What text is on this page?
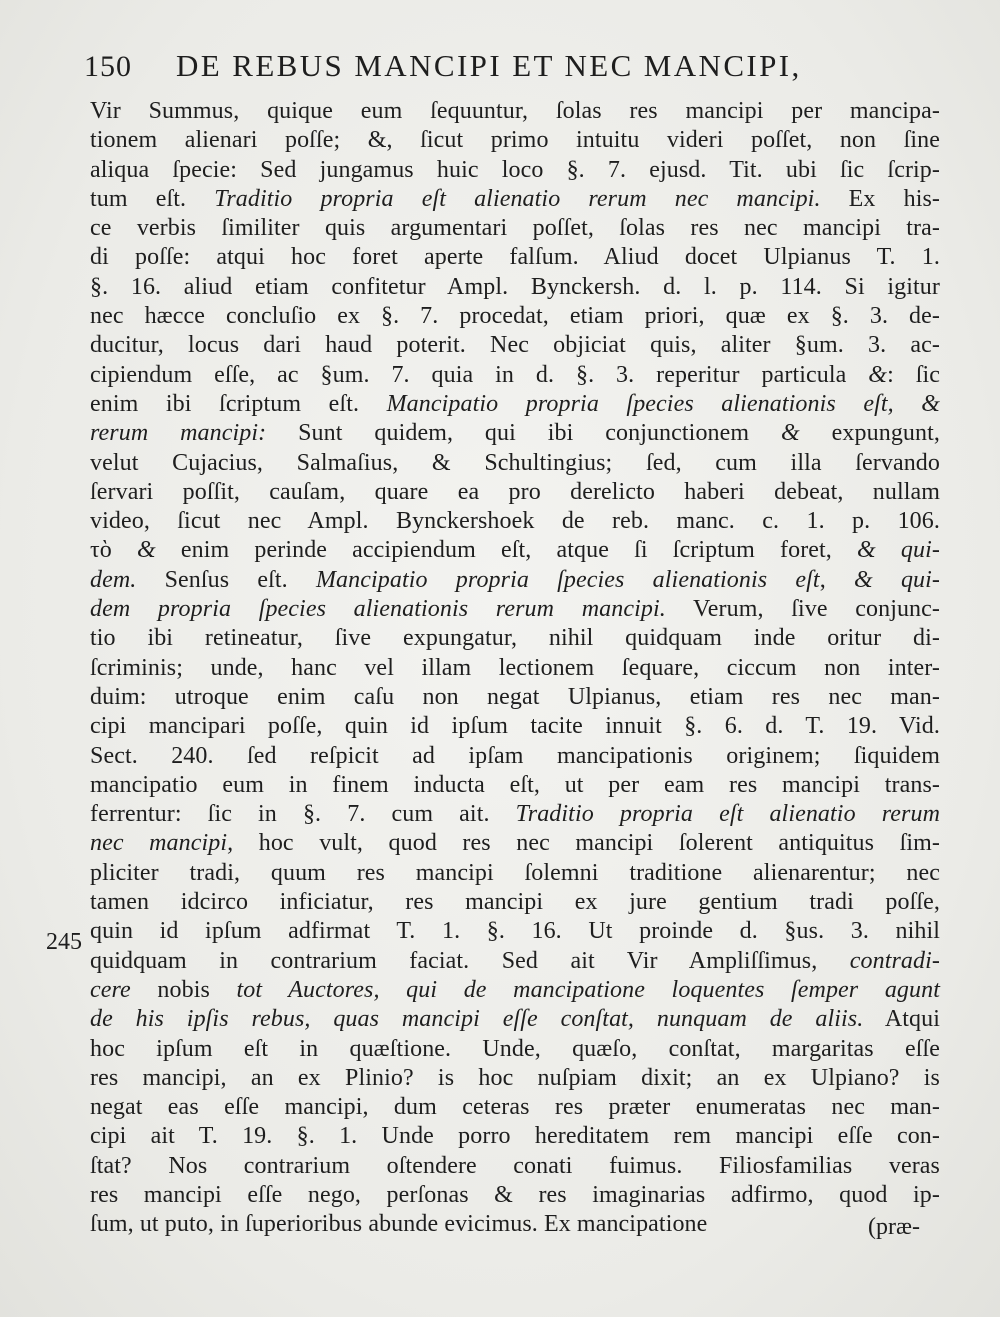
150 DE REBUS MANCIPI ET NEC MANCIPI,
Vir Summus, quique eum ſequuntur, ſolas res mancipi per mancipa-
tionem alienari poſſe; &, ſicut primo intuitu videri poſſet, non ſine
aliqua ſpecie: Sed jungamus huic loco §. 7. ejusd. Tit. ubi ſic ſcrip-
tum eſt. Traditio propria eſt alienatio rerum nec mancipi. Ex his-
ce verbis ſimiliter quis argumentari poſſet, ſolas res nec mancipi tra-
di poſſe: atqui hoc foret aperte falſum. Aliud docet Ulpianus T. 1.
§. 16. aliud etiam confitetur Ampl. Bynckersh. d. l. p. 114. Si igitur
nec hæcce concluſio ex §. 7. procedat, etiam priori, quæ ex §. 3. de-
ducitur, locus dari haud poterit. Nec objiciat quis, aliter §um. 3. ac-
cipiendum eſſe, ac §um. 7. quia in d. §. 3. reperitur particula &: ſic
enim ibi ſcriptum eſt. Mancipatio propria ſpecies alienationis eſt, &
rerum mancipi: Sunt quidem, qui ibi conjunctionem & expungunt,
velut Cujacius, Salmaſius, & Schultingius; ſed, cum illa ſervando
ſervari poſſit, cauſam, quare ea pro derelicto haberi debeat, nullam
video, ſicut nec Ampl. Bynckershoek de reb. manc. c. 1. p. 106.
τὸ & enim perinde accipiendum eſt, atque ſi ſcriptum foret, & qui-
dem. Senſus eſt. Mancipatio propria ſpecies alienationis eſt, & qui-
dem propria ſpecies alienationis rerum mancipi. Verum, ſive conjunc-
tio ibi retineatur, ſive expungatur, nihil quidquam inde oritur di-
ſcriminis; unde, hanc vel illam lectionem ſequare, ciccum non inter-
duim: utroque enim caſu non negat Ulpianus, etiam res nec man-
cipi mancipari poſſe, quin id ipſum tacite innuit §. 6. d. T. 19. Vid.
Sect. 240. ſed reſpicit ad ipſam mancipationis originem; ſiquidem
mancipatio eum in finem inducta eſt, ut per eam res mancipi trans-
ferrentur: ſic in §. 7. cum ait. Traditio propria eſt alienatio rerum
nec mancipi, hoc vult, quod res nec mancipi ſolerent antiquitus ſim-
pliciter tradi, quum res mancipi ſolemni traditione alienarentur; nec
tamen idcirco inficiatur, res mancipi ex jure gentium tradi poſſe,
quin id ipſum adfirmat T. 1. §. 16. Ut proinde d. §us. 3. nihil
quidquam in contrarium faciat. Sed ait Vir Ampliſſimus, contradi-
cere nobis tot Auctores, qui de mancipatione loquentes ſemper agunt
de his ipſis rebus, quas mancipi eſſe conſtat, nunquam de aliis. Atqui
hoc ipſum eſt in quæſtione. Unde, quæſo, conſtat, margaritas eſſe
res mancipi, an ex Plinio? is hoc nuſpiam dixit; an ex Ulpiano? is
negat eas eſſe mancipi, dum ceteras res præter enumeratas nec man-
cipi ait T. 19. §. 1. Unde porro hereditatem rem mancipi eſſe con-
ſtat? Nos contrarium oſtendere conati fuimus. Filiosfamilias veras
res mancipi eſſe nego, perſonas & res imaginarias adfirmo, quod ip-
ſum, ut puto, in ſuperioribus abunde evicimus. Ex mancipatione
245
(præ-
